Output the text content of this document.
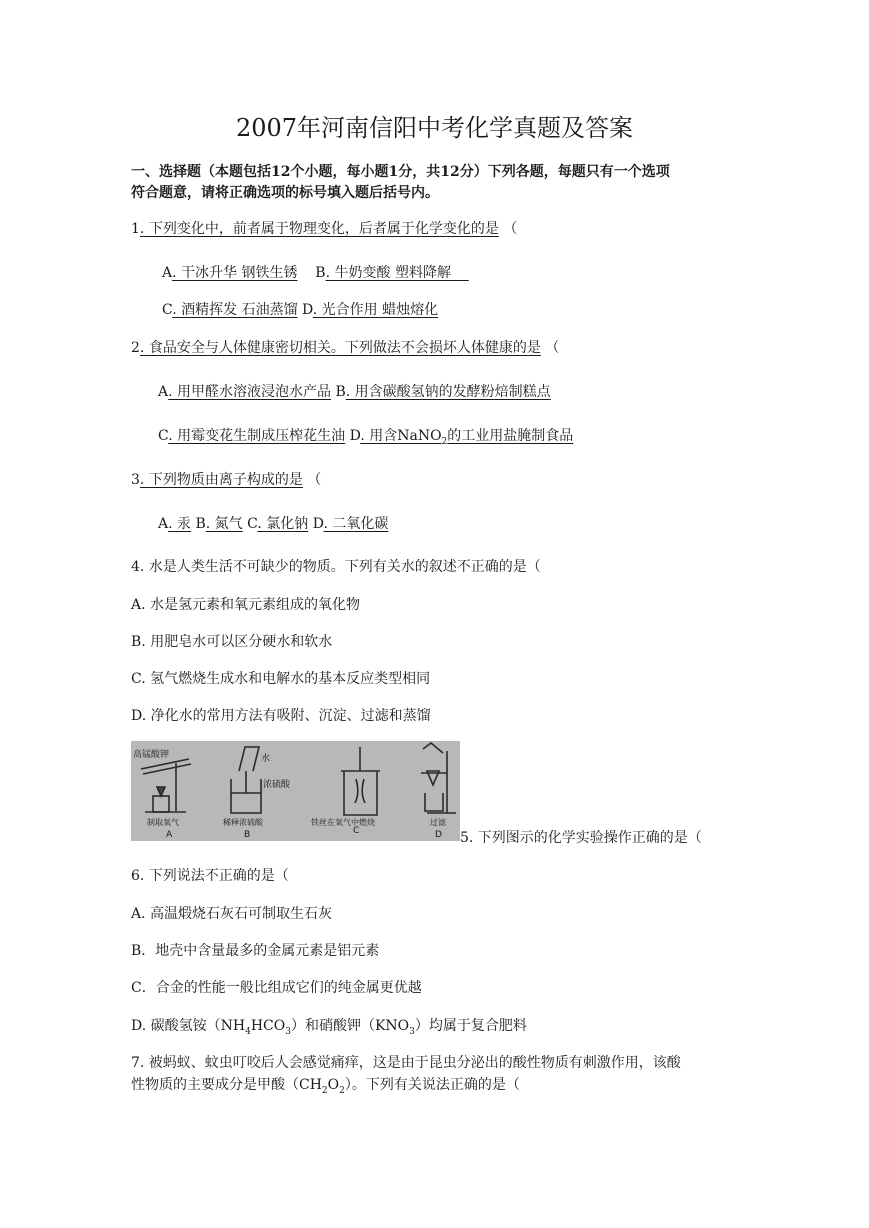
2007年河南信阳中考化学真题及答案
一、选择题（本题包括12个小题，每小题1分，共12分）下列各题，每题只有一个选项
符合题意，请将正确选项的标号填入题后括号内。
1. 下列变化中，前者属于物理变化，后者属于化学变化的是 （
A. 干冰升华 钢铁生锈 B. 牛奶变酸 塑料降解
C. 酒精挥发 石油蒸馏 D. 光合作用 蜡烛熔化
2. 食品安全与人体健康密切相关。下列做法不会损坏人体健康的是 （
A. 用甲醛水溶液浸泡水产品 B. 用含碳酸氢钠的发酵粉焙制糕点
C. 用霉变花生制成压榨花生油 D. 用含NaNO$_2$的工业用盐腌制食品
3. 下列物质由离子构成的是 （
A. 汞 B. 氮气 C. 氯化钠 D. 二氧化碳
4. 水是人类生活不可缺少的物质。下列有关水的叙述不正确的是（
A. 水是氢元素和氧元素组成的氧化物
B. 用肥皂水可以区分硬水和软水
C. 氢气燃烧生成水和电解水的基本反应类型相同
D. 净化水的常用方法有吸附、沉淀、过滤和蒸馏
高锰酸钾	水
浓硫酸
制取氧气	稀释浓硫酸	铁丝在氧气中燃烧	过滤
A	B	C	D 5. 下列图示的化学实验操作正确的是（
6. 下列说法不正确的是（
A. 高温煅烧石灰石可制取生石灰
B．地壳中含量最多的金属元素是铝元素
C．合金的性能一般比组成它们的纯金属更优越
D. 碳酸氢铵$(NH_4HCO_3)$和硝酸钾$(KNO_3)$均属于复合肥料
7. 被蚂蚁、蚊虫叮咬后人会感觉痛痒，这是由于昆虫分泌出的酸性物质有刺激作用，该酸
性物质的主要成分是甲酸$(CH_2O_2)$。下列有关说法正确的是（
